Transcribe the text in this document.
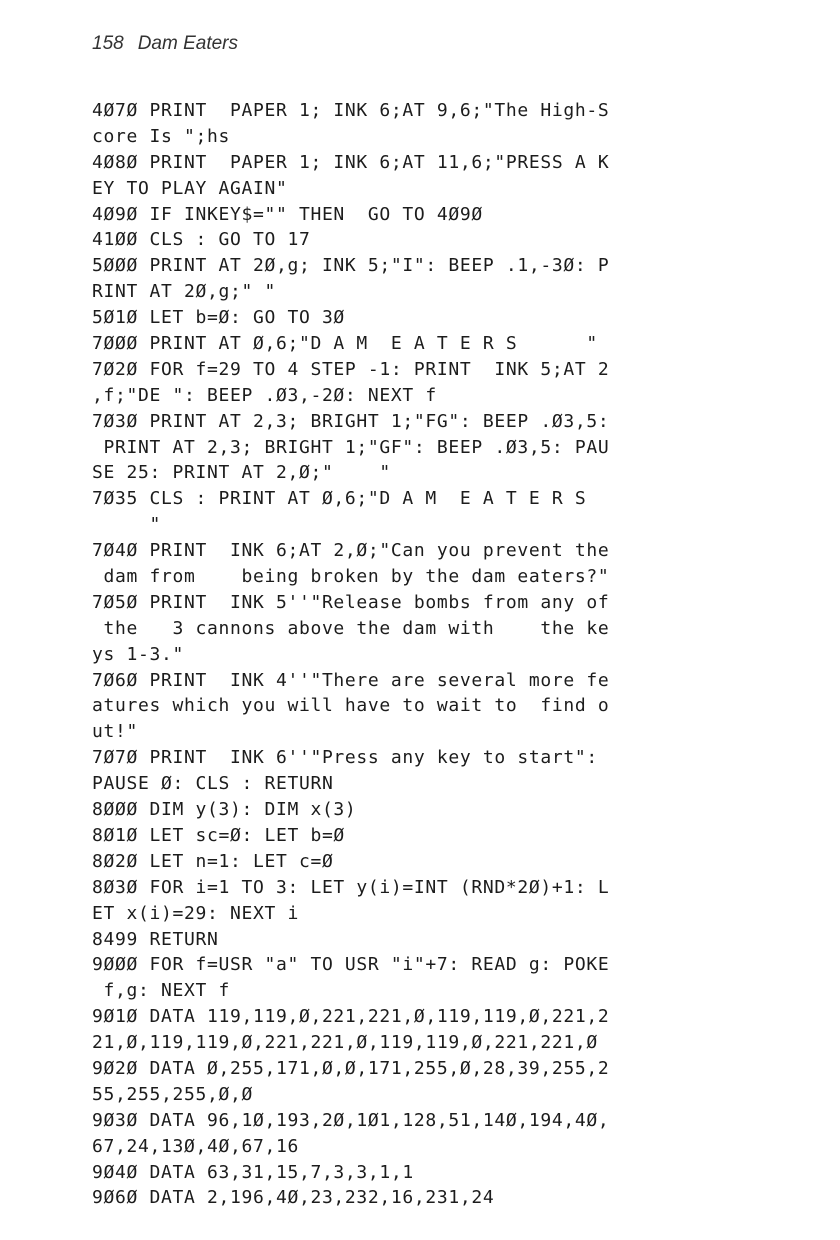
158 Dam Eaters
4Ø7Ø PRINT  PAPER 1; INK 6;AT 9,6;"The High-S
core Is ";hs
4Ø8Ø PRINT  PAPER 1; INK 6;AT 11,6;"PRESS A K
EY TO PLAY AGAIN"
4Ø9Ø IF INKEY$="" THEN  GO TO 4Ø9Ø
41ØØ CLS : GO TO 17
5ØØØ PRINT AT 2Ø,g; INK 5;"I": BEEP .1,-3Ø: P
RINT AT 2Ø,g;" "
5Ø1Ø LET b=Ø: GO TO 3Ø
7ØØØ PRINT AT Ø,6;"D A M  E A T E R S      "
7Ø2Ø FOR f=29 TO 4 STEP -1: PRINT  INK 5;AT 2
,f;"DE ": BEEP .Ø3,-2Ø: NEXT f
7Ø3Ø PRINT AT 2,3; BRIGHT 1;"FG": BEEP .Ø3,5:
PRINT AT 2,3; BRIGHT 1;"GF": BEEP .Ø3,5: PAU
SE 25: PRINT AT 2,Ø;"    "
7Ø35 CLS : PRINT AT Ø,6;"D A M  E A T E R S
"
7Ø4Ø PRINT  INK 6;AT 2,Ø;"Can you prevent the
dam from    being broken by the dam eaters?"
7Ø5Ø PRINT  INK 5''"Release bombs from any of
the   3 cannons above the dam with    the ke
ys 1-3."
7Ø6Ø PRINT  INK 4''"There are several more fe
atures which you will have to wait to  find o
ut!"
7Ø7Ø PRINT  INK 6''"Press any key to start":
PAUSE Ø: CLS : RETURN
8ØØØ DIM y(3): DIM x(3)
8Ø1Ø LET sc=Ø: LET b=Ø
8Ø2Ø LET n=1: LET c=Ø
8Ø3Ø FOR i=1 TO 3: LET y(i)=INT (RND*2Ø)+1: L
ET x(i)=29: NEXT i
8499 RETURN
9ØØØ FOR f=USR "a" TO USR "i"+7: READ g: POKE
f,g: NEXT f
9Ø1Ø DATA 119,119,Ø,221,221,Ø,119,119,Ø,221,2
21,Ø,119,119,Ø,221,221,Ø,119,119,Ø,221,221,Ø
9Ø2Ø DATA Ø,255,171,Ø,Ø,171,255,Ø,28,39,255,2
55,255,255,Ø,Ø
9Ø3Ø DATA 96,1Ø,193,2Ø,1Ø1,128,51,14Ø,194,4Ø,
67,24,13Ø,4Ø,67,16
9Ø4Ø DATA 63,31,15,7,3,3,1,1
9Ø6Ø DATA 2,196,4Ø,23,232,16,231,24
